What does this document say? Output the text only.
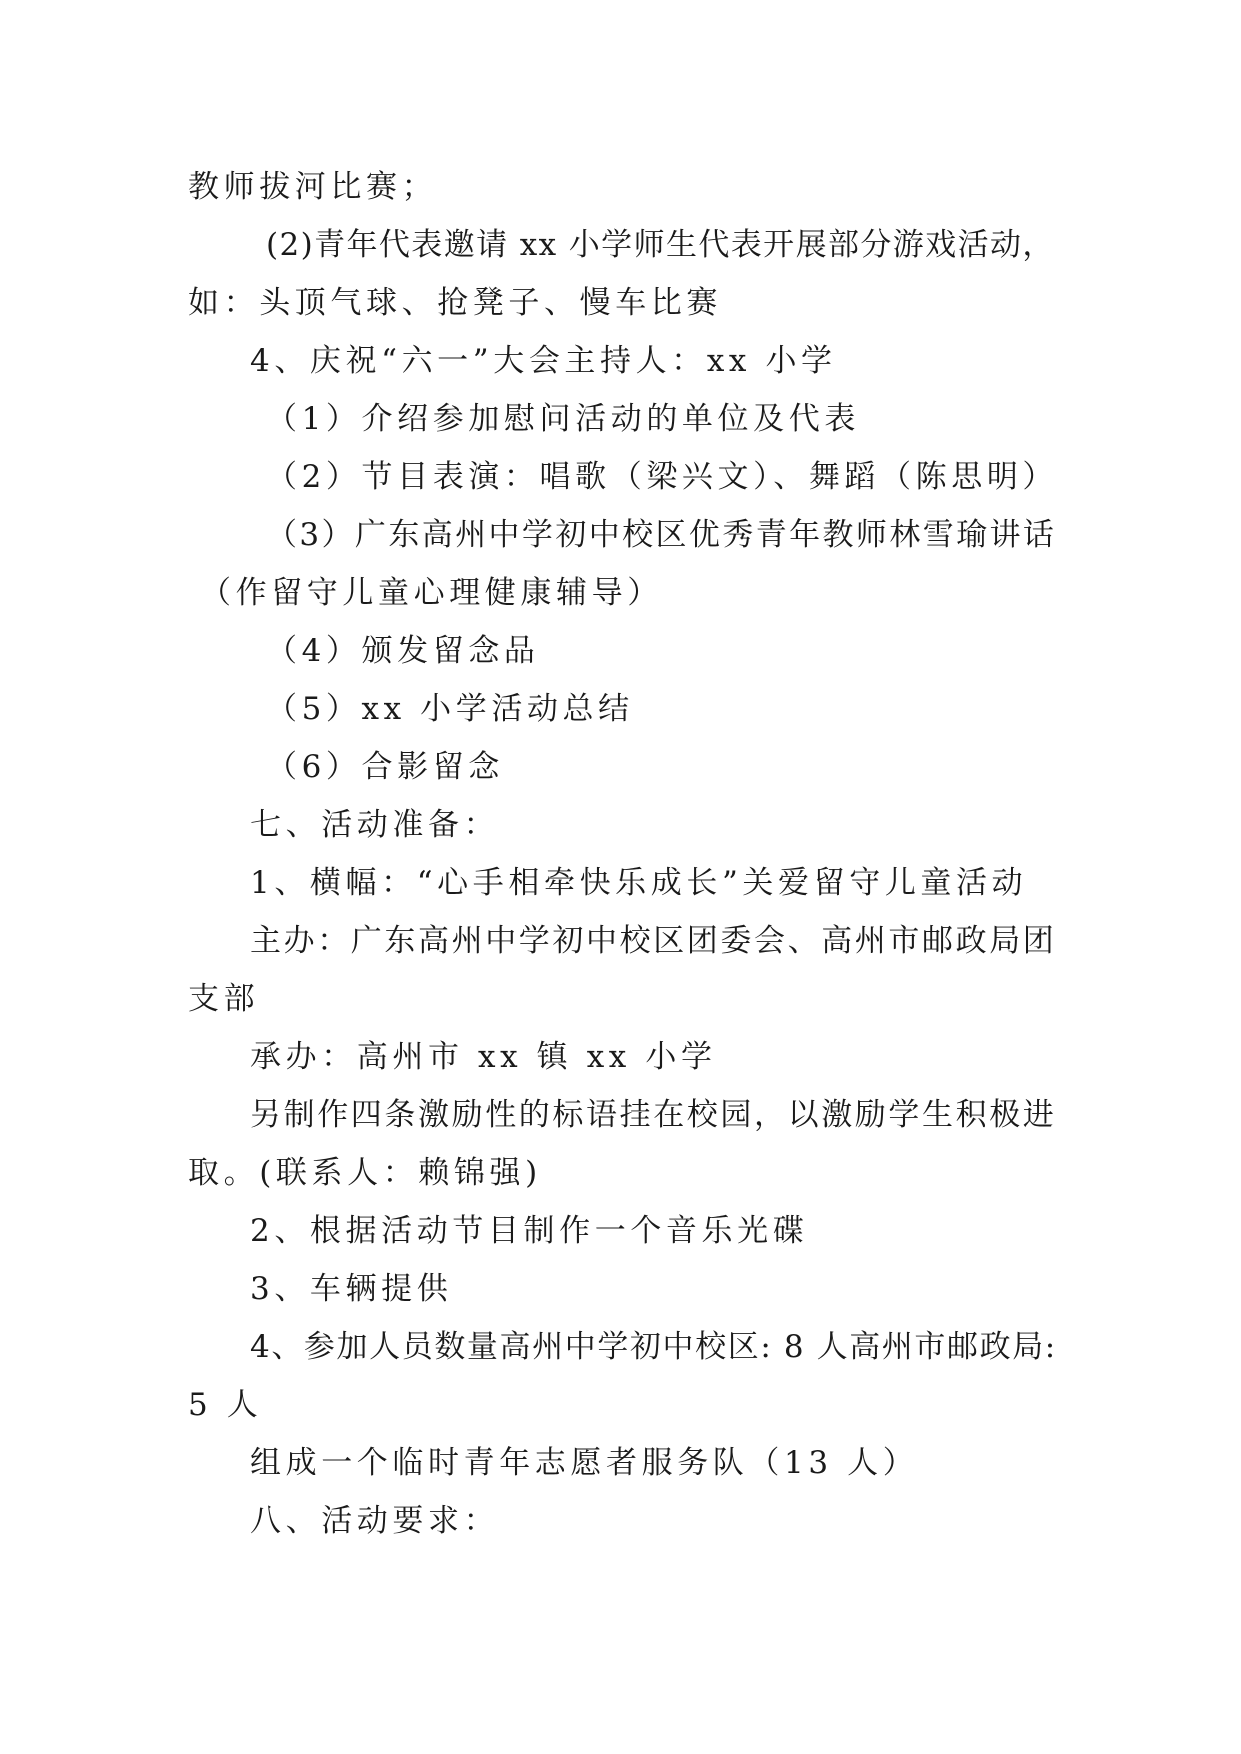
教师拔河比赛；
(2)青年代表邀请 xx 小学师生代表开展部分游戏活动，
如：头顶气球、抢凳子、慢车比赛
4、庆祝“六一”大会主持人：xx 小学
（1）介绍参加慰问活动的单位及代表
（2）节目表演：唱歌（梁兴文）、舞蹈（陈思明）
（3）广东高州中学初中校区优秀青年教师林雪瑜讲话
（作留守儿童心理健康辅导）
（4）颁发留念品
（5）xx 小学活动总结
（6）合影留念
七、活动准备：
1、横幅：“心手相牵快乐成长”关爱留守儿童活动
主办：广东高州中学初中校区团委会、高州市邮政局团
支部
承办：高州市 xx 镇 xx 小学
另制作四条激励性的标语挂在校园，以激励学生积极进
取。(联系人：赖锦强)
2、根据活动节目制作一个音乐光碟
3、车辆提供
4、参加人员数量高州中学初中校区: 8 人高州市邮政局:
5 人
组成一个临时青年志愿者服务队（13 人）
八、活动要求：
